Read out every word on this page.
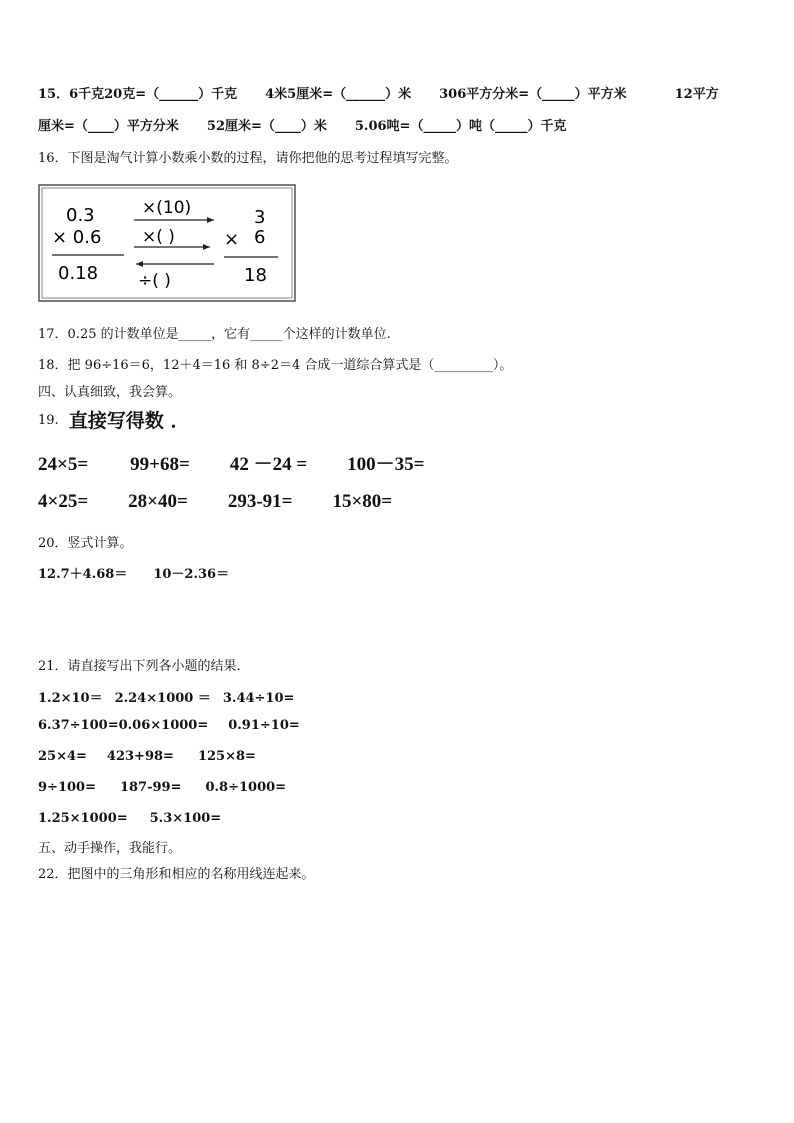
15．6千克20克=（______）千克 4米5厘米=（______）米 306平方分米=（_____）平方米	12平方
厘米=（____）平方分米 52厘米=（____）米 5.06吨=（_____）吨（_____）千克
16．下图是淘气计算小数乘小数的过程，请你把他的思考过程填写完整。
0.3
× 0.6
0.18
×(10)
×( )
÷( )
3
× 6
18
17．0.25 的计数单位是_____，它有_____个这样的计数单位.
18．把 96÷16＝6，12＋4＝16 和 8÷2＝4 合成一道综合算式是（_________）。
四、认真细致，我会算。
19. 直接写得数 ．
24×5= 99+68= 42 －24 = 100－35=
4×25= 28×40= 293-91= 15×80=
20．竖式计算。
12.7＋4.68＝ 10－2.36＝
21．请直接写出下列各小题的结果.
1.2×10＝ 2.24×1000 ＝ 3.44÷10=
6.37÷100=0.06×1000= 0.91÷10=
25×4= 423+98= 125×8=
9÷100= 187-99= 0.8÷1000=
1.25×1000= 5.3×100=
五、动手操作，我能行。
22．把图中的三角形和相应的名称用线连起来。
